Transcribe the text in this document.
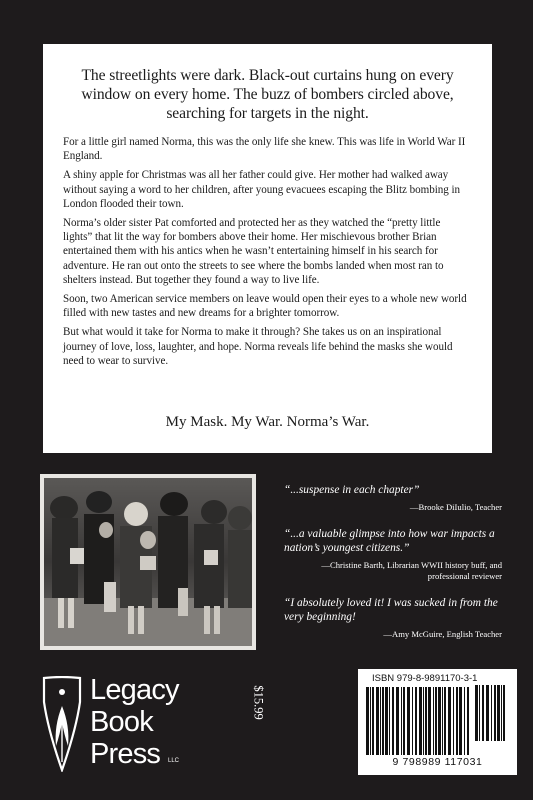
The streetlights were dark. Black-out curtains hung on every window on every home. The buzz of bombers circled above, searching for targets in the night.

For a little girl named Norma, this was the only life she knew. This was life in World War II England.

A shiny apple for Christmas was all her father could give. Her mother had walked away without saying a word to her children, after young evacuees escaping the Blitz bombing in London flooded their town.

Norma’s older sister Pat comforted and protected her as they watched the “pretty little lights” that lit the way for bombers above their home. Her mischievous brother Brian entertained them with his antics when he wasn’t entertaining himself in his search for adventure. He ran out onto the streets to see where the bombs landed when most ran to shelters instead. But together they found a way to live life.

Soon, two American service members on leave would open their eyes to a whole new world filled with new tastes and new dreams for a brighter tomorrow.

But what would it take for Norma to make it through? She takes us on an inspirational journey of love, loss, laughter, and hope. Norma reveals life behind the masks she would need to wear to survive.

My Mask. My War. Norma’s War.

“...suspense in each chapter”

—Brooke DiIulio, Teacher

“...a valuable glimpse into how war impacts a nation’s youngest citizens.”

—Christine Barth, Librarian WWII history buff, and professional reviewer

“I absolutely loved it! I was sucked in from the very beginning!

—Amy McGuire, English Teacher

Legacy
Book
Press	LLC
$15.99
ISBN 979-8-9891170-3-1
9 798989 117031
